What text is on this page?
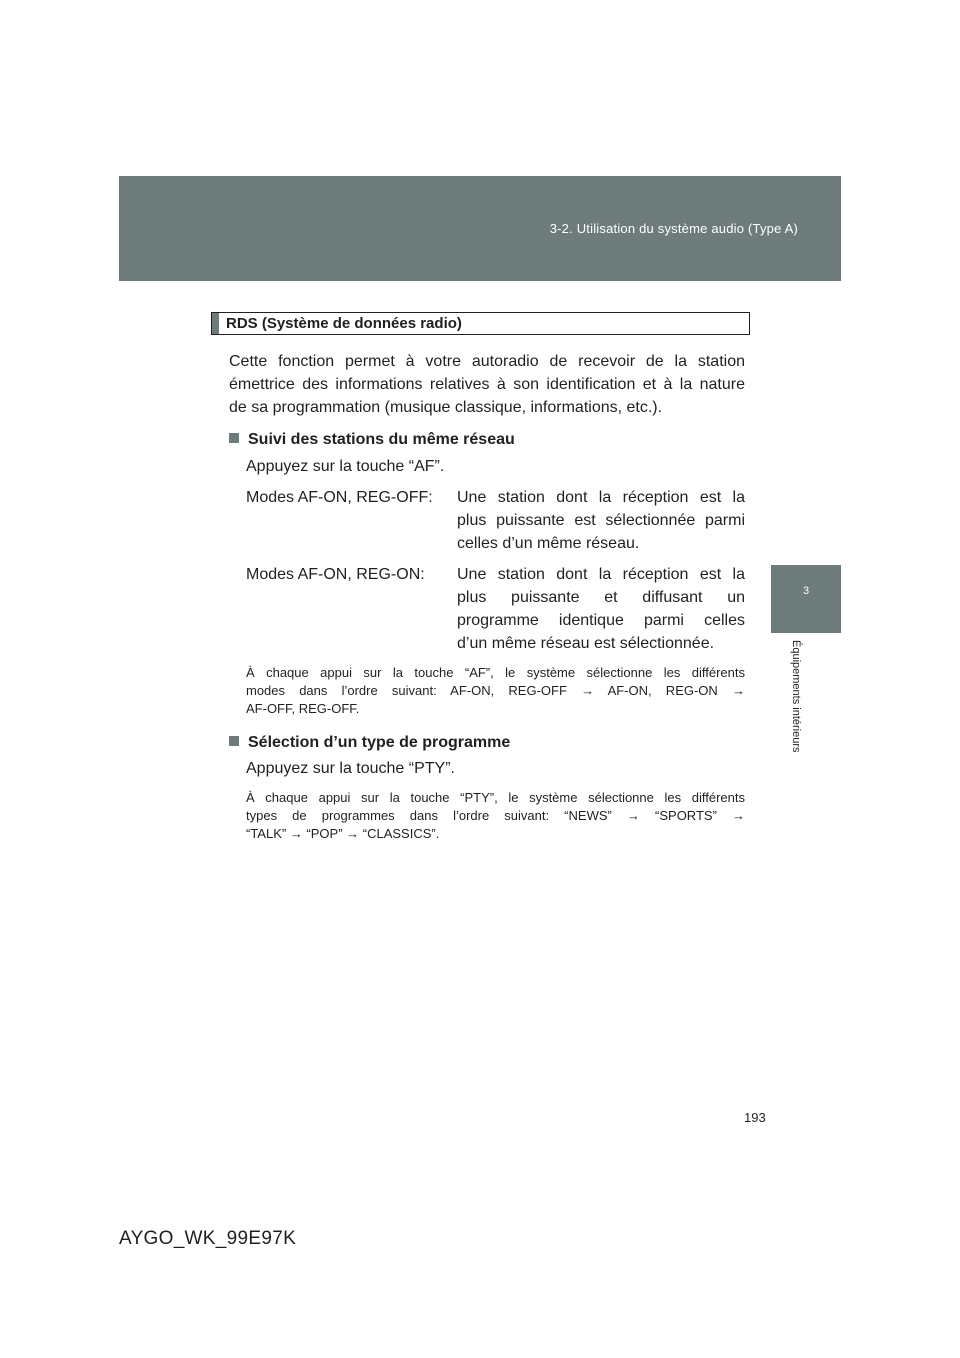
3-2. Utilisation du système audio (Type A)
3
Équipements intérieurs
RDS (Système de données radio)
Cette fonction permet à votre autoradio de recevoir de la station
émettrice des informations relatives à son identification et à la nature
de sa programmation (musique classique, informations, etc.).
Suivi des stations du même réseau
Appuyez sur la touche “AF”.
Modes AF-ON, REG-OFF: Une station dont la réception est la
plus puissante est sélectionnée parmi
celles d’un même réseau.
Modes AF-ON, REG-ON: Une station dont la réception est la
plus puissante et diffusant un
programme identique parmi celles
d’un même réseau est sélectionnée.
À chaque appui sur la touche “AF”, le système sélectionne les différents
modes dans l’ordre suivant: AF-ON, REG-OFF → AF-ON, REG-ON →
AF-OFF, REG-OFF.
Sélection d’un type de programme
Appuyez sur la touche “PTY”.
À chaque appui sur la touche “PTY”, le système sélectionne les différents
types de programmes dans l’ordre suivant: “NEWS” → “SPORTS” →
“TALK” → “POP” → “CLASSICS”.
193
AYGO_WK_99E97K
